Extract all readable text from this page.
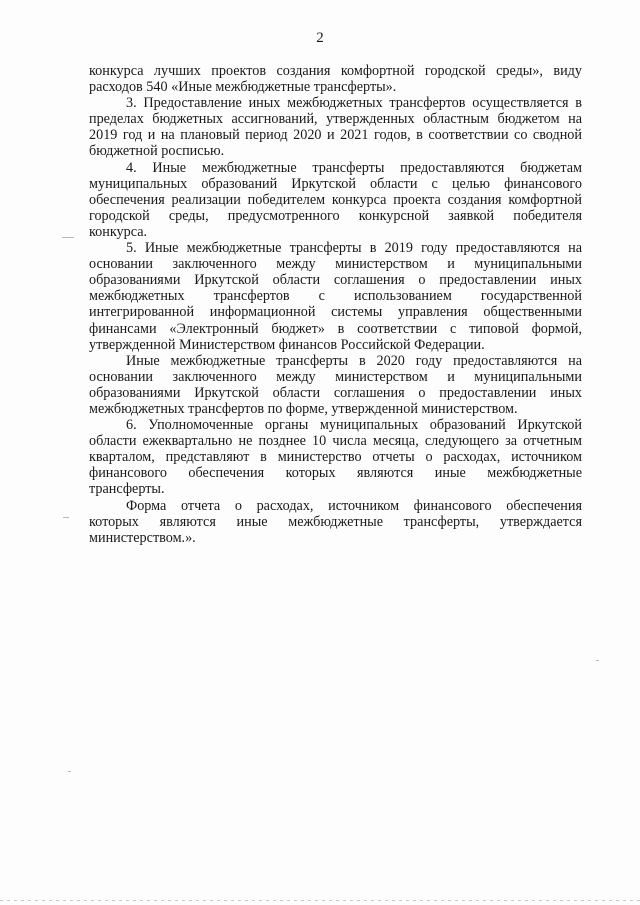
2
конкурса лучших проектов создания комфортной городской среды», виду
расходов 540 «Иные межбюджетные трансферты».
3. Предоставление иных межбюджетных трансфертов осуществляется в
пределах бюджетных ассигнований, утвержденных областным бюджетом на
2019 год и на плановый период 2020 и 2021 годов, в соответствии со сводной
бюджетной росписью.
4. Иные межбюджетные трансферты предоставляются бюджетам
муниципальных образований Иркутской области с целью финансового
обеспечения реализации победителем конкурса проекта создания комфортной
городской среды, предусмотренного конкурсной заявкой победителя
конкурса.
5. Иные межбюджетные трансферты в 2019 году предоставляются на
основании заключенного между министерством и муниципальными
образованиями Иркутской области соглашения о предоставлении иных
межбюджетных трансфертов с использованием государственной
интегрированной информационной системы управления общественными
финансами «Электронный бюджет» в соответствии с типовой формой,
утвержденной Министерством финансов Российской Федерации.
Иные межбюджетные трансферты в 2020 году предоставляются на
основании заключенного между министерством и муниципальными
образованиями Иркутской области соглашения о предоставлении иных
межбюджетных трансфертов по форме, утвержденной министерством.
6. Уполномоченные органы муниципальных образований Иркутской
области ежеквартально не позднее 10 числа месяца, следующего за отчетным
кварталом, представляют в министерство отчеты о расходах, источником
финансового обеспечения которых являются иные межбюджетные
трансферты.
Форма отчета о расходах, источником финансового обеспечения
которых являются иные межбюджетные трансферты, утверждается
министерством.».
